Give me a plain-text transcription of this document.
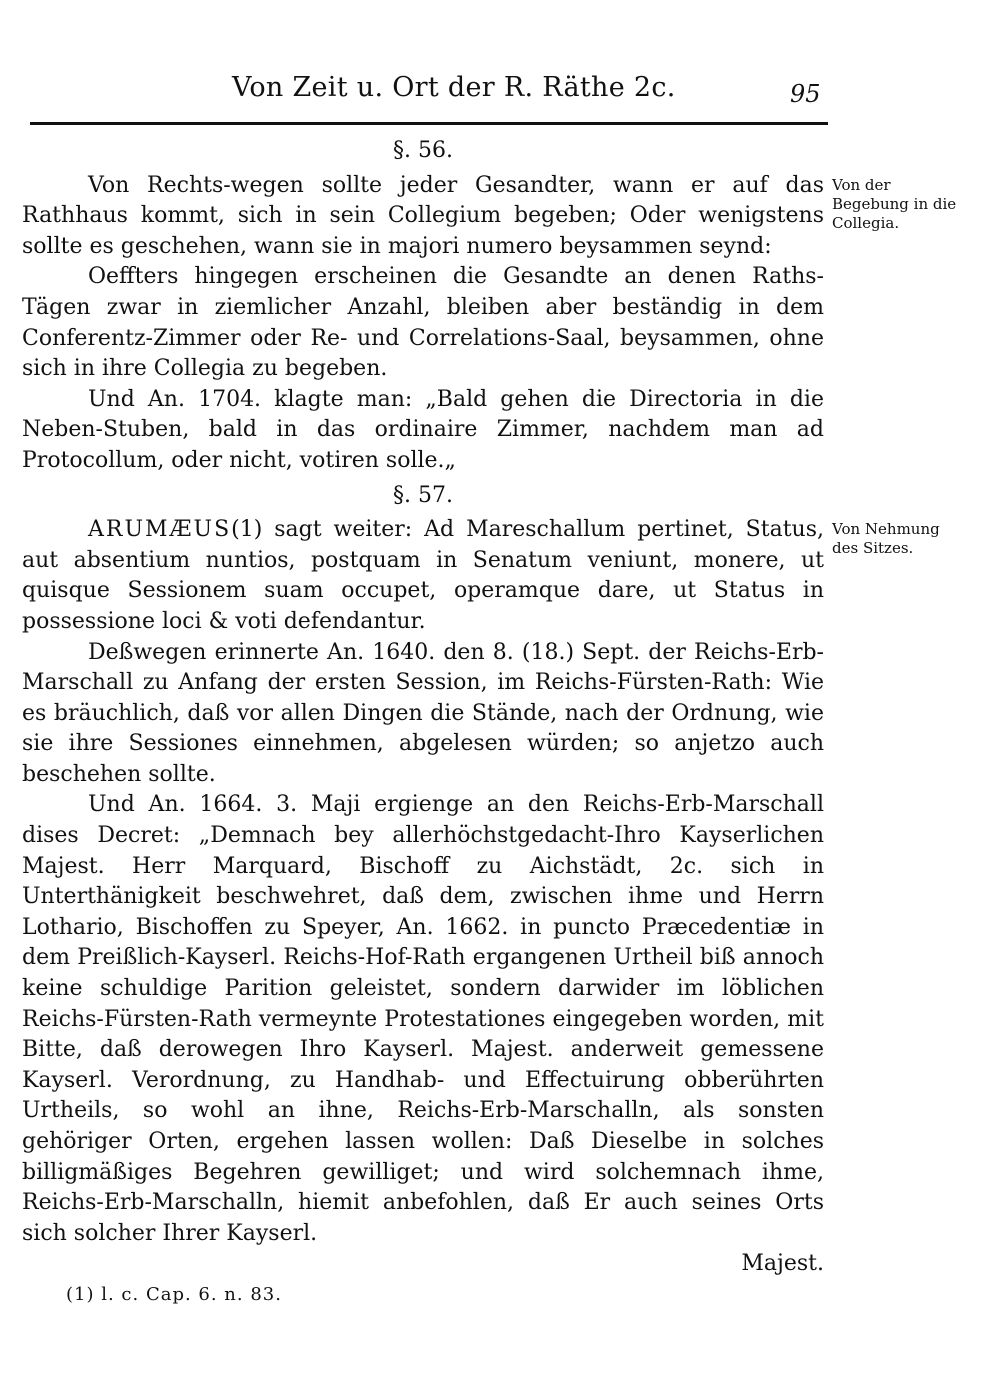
Von Zeit u. Ort der R. Räthe 2c.	95
§. 56.

Von Rechts-wegen sollte jeder Gesandter, wann er auf das Rathhaus kommt, sich in sein Collegium begeben; Oder wenigstens sollte es geschehen, wann sie in majori numero beysammen seynd:

Oeffters hingegen erscheinen die Gesandte an denen Raths-Tägen zwar in ziemlicher Anzahl, bleiben aber beständig in dem Conferentz-Zimmer oder Re- und Correlations-Saal, beysammen, ohne sich in ihre Collegia zu begeben.

Und An. 1704. klagte man: „Bald gehen die Directoria in die Neben-Stuben, bald in das ordinaire Zimmer, nachdem man ad Protocollum, oder nicht, votiren solle.„

§. 57.

ARUMÆUS(1) sagt weiter: Ad Mareschallum pertinet, Status, aut absentium nuntios, postquam in Senatum veniunt, monere, ut quisque Sessionem suam occupet, operamque dare, ut Status in possessione loci & voti defendantur.

Deßwegen erinnerte An. 1640. den 8. (18.) Sept. der Reichs-Erb-Marschall zu Anfang der ersten Session, im Reichs-Fürsten-Rath: Wie es bräuchlich, daß vor allen Dingen die Stände, nach der Ordnung, wie sie ihre Sessiones einnehmen, abgelesen würden; so anjetzo auch beschehen sollte.

Und An. 1664. 3. Maji ergienge an den Reichs-Erb-Marschall dises Decret: „Demnach bey allerhöchstgedacht-Ihro Kayserlichen Majest. Herr Marquard, Bischoff zu Aichstädt, 2c. sich in Unterthänigkeit beschwehret, daß dem, zwischen ihme und Herrn Lothario, Bischoffen zu Speyer, An. 1662. in puncto Præcedentiæ in dem Preißlich-Kayserl. Reichs-Hof-Rath ergangenen Urtheil biß annoch keine schuldige Parition geleistet, sondern darwider im löblichen Reichs-Fürsten-Rath vermeynte Protestationes eingegeben worden, mit Bitte, daß derowegen Ihro Kayserl. Majest. anderweit gemessene Kayserl. Verordnung, zu Handhab- und Effectuirung obberührten Urtheils, so wohl an ihne, Reichs-Erb-Marschalln, als sonsten gehöriger Orten, ergehen lassen wollen: Daß Dieselbe in solches billigmäßiges Begehren gewilliget; und wird solchemnach ihme, Reichs-Erb-Marschalln, hiemit anbefohlen, daß Er auch seines Orts sich solcher Ihrer Kayserl.

Majest.
Von der Begebung in die Collegia.
Von Nehmung des Sitzes.
(1) l. c. Cap. 6. n. 83.
